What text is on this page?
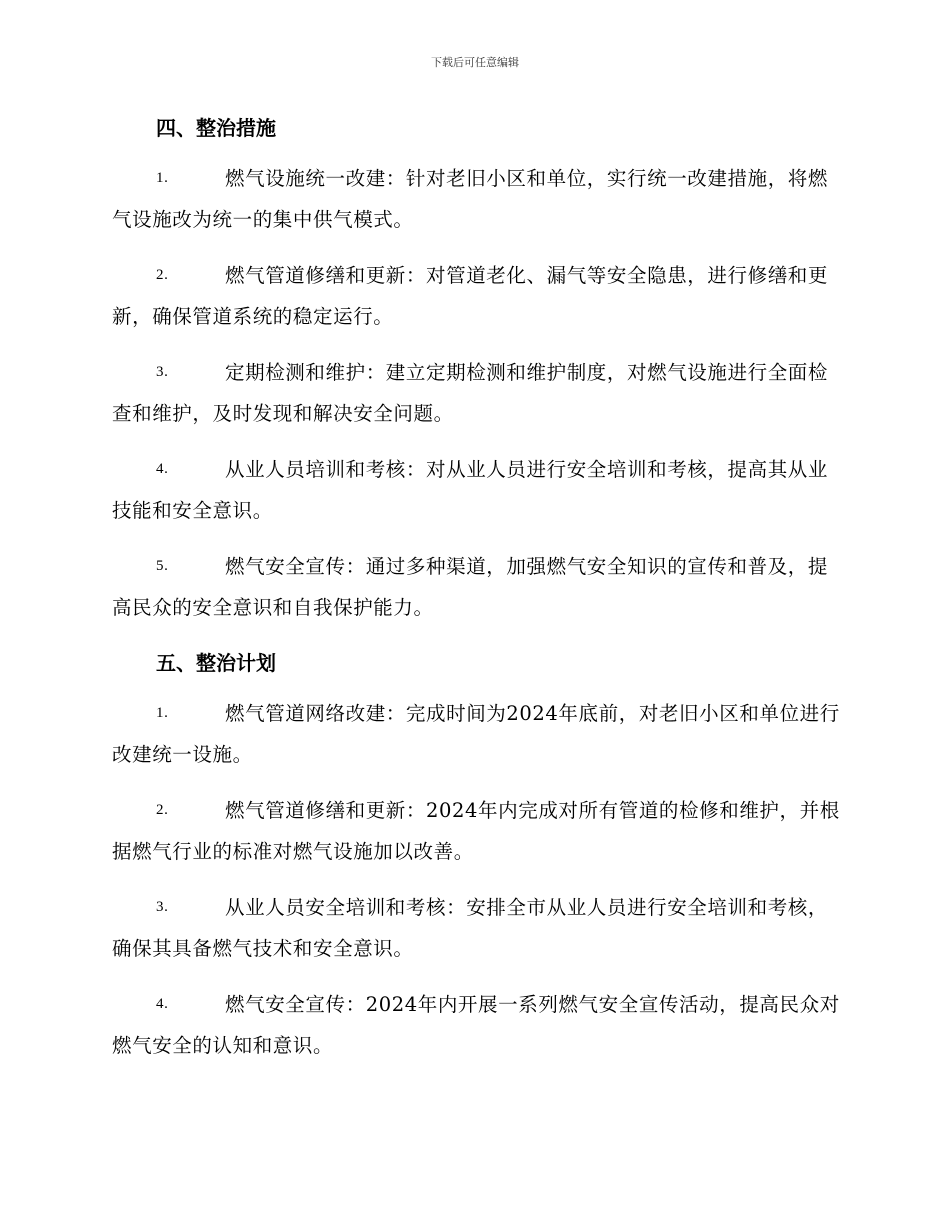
下载后可任意编辑
四、整治措施
1.	燃气设施统一改建：针对老旧小区和单位，实行统一改建措施，将燃气设施改为统一的集中供气模式。
2.	燃气管道修缮和更新：对管道老化、漏气等安全隐患，进行修缮和更新，确保管道系统的稳定运行。
3.	定期检测和维护：建立定期检测和维护制度，对燃气设施进行全面检查和维护，及时发现和解决安全问题。
4.	从业人员培训和考核：对从业人员进行安全培训和考核，提高其从业技能和安全意识。
5.	燃气安全宣传：通过多种渠道，加强燃气安全知识的宣传和普及，提高民众的安全意识和自我保护能力。
五、整治计划
1.	燃气管道网络改建：完成时间为2024年底前，对老旧小区和单位进行改建统一设施。
2.	燃气管道修缮和更新：2024年内完成对所有管道的检修和维护，并根据燃气行业的标准对燃气设施加以改善。
3.	从业人员安全培训和考核：安排全市从业人员进行安全培训和考核，确保其具备燃气技术和安全意识。
4.	燃气安全宣传：2024年内开展一系列燃气安全宣传活动，提高民众对燃气安全的认知和意识。
